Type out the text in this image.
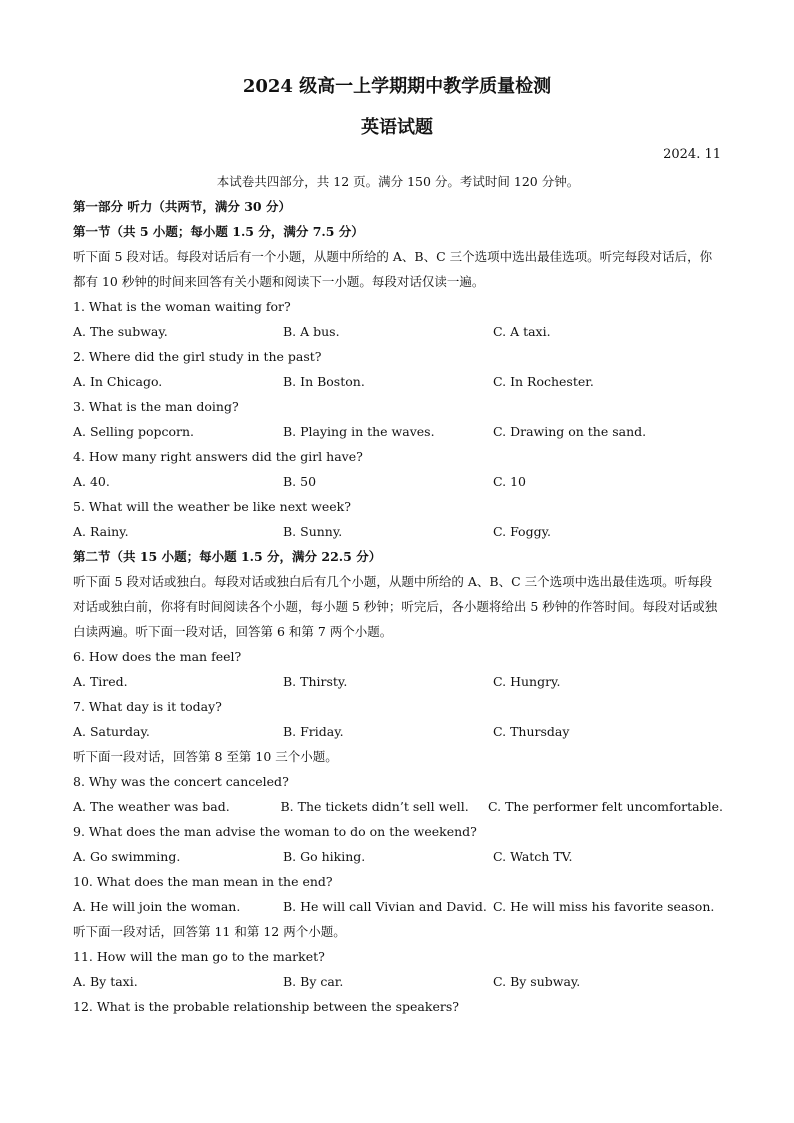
2024 级高一上学期期中教学质量检测
英语试题
2024. 11
本试卷共四部分，共 12 页。满分 150 分。考试时间 120 分钟。
第一部分 听力（共两节，满分 30 分）
第一节（共 5 小题；每小题 1.5 分，满分 7.5 分）
听下面 5 段对话。每段对话后有一个小题，从题中所给的 A、B、C 三个选项中选出最佳选项。听完每段对话后，你都有 10 秒钟的时间来回答有关小题和阅读下一小题。每段对话仅读一遍。
1. What is the woman waiting for?
A. The subway.	B. A bus.	C. A taxi.
2. Where did the girl study in the past?
A. In Chicago.	B. In Boston.	C. In Rochester.
3. What is the man doing?
A. Selling popcorn.	B. Playing in the waves.	C. Drawing on the sand.
4. How many right answers did the girl have?
A. 40.	B. 50	C. 10
5. What will the weather be like next week?
A. Rainy.	B. Sunny.	C. Foggy.
第二节（共 15 小题；每小题 1.5 分，满分 22.5 分）
听下面 5 段对话或独白。每段对话或独白后有几个小题，从题中所给的 A、B、C 三个选项中选出最佳选项。听每段对话或独白前，你将有时间阅读各个小题，每小题 5 秒钟；听完后，各小题将给出 5 秒钟的作答时间。每段对话或独白读两遍。听下面一段对话，回答第 6 和第 7 两个小题。
6. How does the man feel?
A. Tired.	B. Thirsty.	C. Hungry.
7. What day is it today?
A. Saturday.	B. Friday.	C. Thursday
听下面一段对话，回答第 8 至第 10 三个小题。
8. Why was the concert canceled?
A. The weather was bad.	B. The tickets didn’t sell well.	C. The performer felt uncomfortable.
9. What does the man advise the woman to do on the weekend?
A. Go swimming.	B. Go hiking.	C. Watch TV.
10. What does the man mean in the end?
A. He will join the woman.	B. He will call Vivian and David. C. He will miss his favorite season.
听下面一段对话，回答第 11 和第 12 两个小题。
11. How will the man go to the market?
A. By taxi.	B. By car.	C. By subway.
12. What is the probable relationship between the speakers?
